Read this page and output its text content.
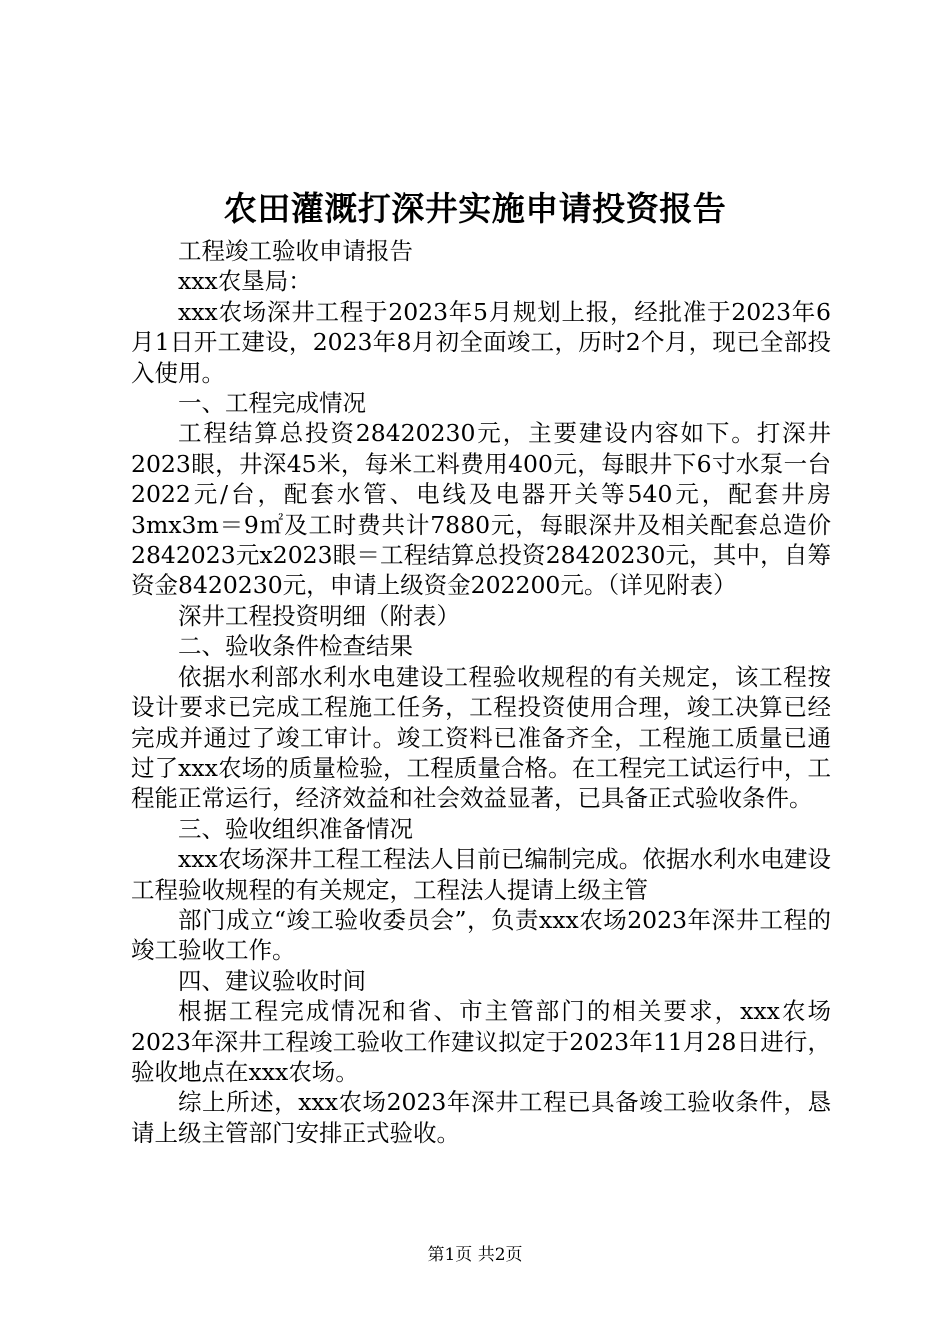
农田灌溉打深井实施申请投资报告

工程竣工验收申请报告

xxx农垦局：

xxx农场深井工程于2023年5月规划上报，经批准于2023年6月1日开工建设，2023年8月初全面竣工，历时2个月，现已全部投入使用。

一、工程完成情况

工程结算总投资28420230元，主要建设内容如下。打深井2023眼，井深45米，每米工料费用400元，每眼井下6寸水泵一台2022元/台，配套水管、电线及电器开关等540元，配套井房3mx3m＝9㎡及工时费共计7880元，每眼深井及相关配套总造价2842023元x2023眼＝工程结算总投资28420230元，其中，自筹资金8420230元，申请上级资金202200元。（详见附表）

深井工程投资明细（附表）

二、验收条件检查结果

依据水利部水利水电建设工程验收规程的有关规定，该工程按设计要求已完成工程施工任务，工程投资使用合理，竣工决算已经完成并通过了竣工审计。竣工资料已准备齐全，工程施工质量已通过了xxx农场的质量检验，工程质量合格。在工程完工试运行中，工程能正常运行，经济效益和社会效益显著，已具备正式验收条件。

三、验收组织准备情况

xxx农场深井工程工程法人目前已编制完成。依据水利水电建设工程验收规程的有关规定，工程法人提请上级主管

部门成立“竣工验收委员会”，负责xxx农场2023年深井工程的竣工验收工作。

四、建议验收时间

根据工程完成情况和省、市主管部门的相关要求，xxx农场2023年深井工程竣工验收工作建议拟定于2023年11月28日进行，验收地点在xxx农场。

综上所述，xxx农场2023年深井工程已具备竣工验收条件，恳请上级主管部门安排正式验收。

第1页 共2页
